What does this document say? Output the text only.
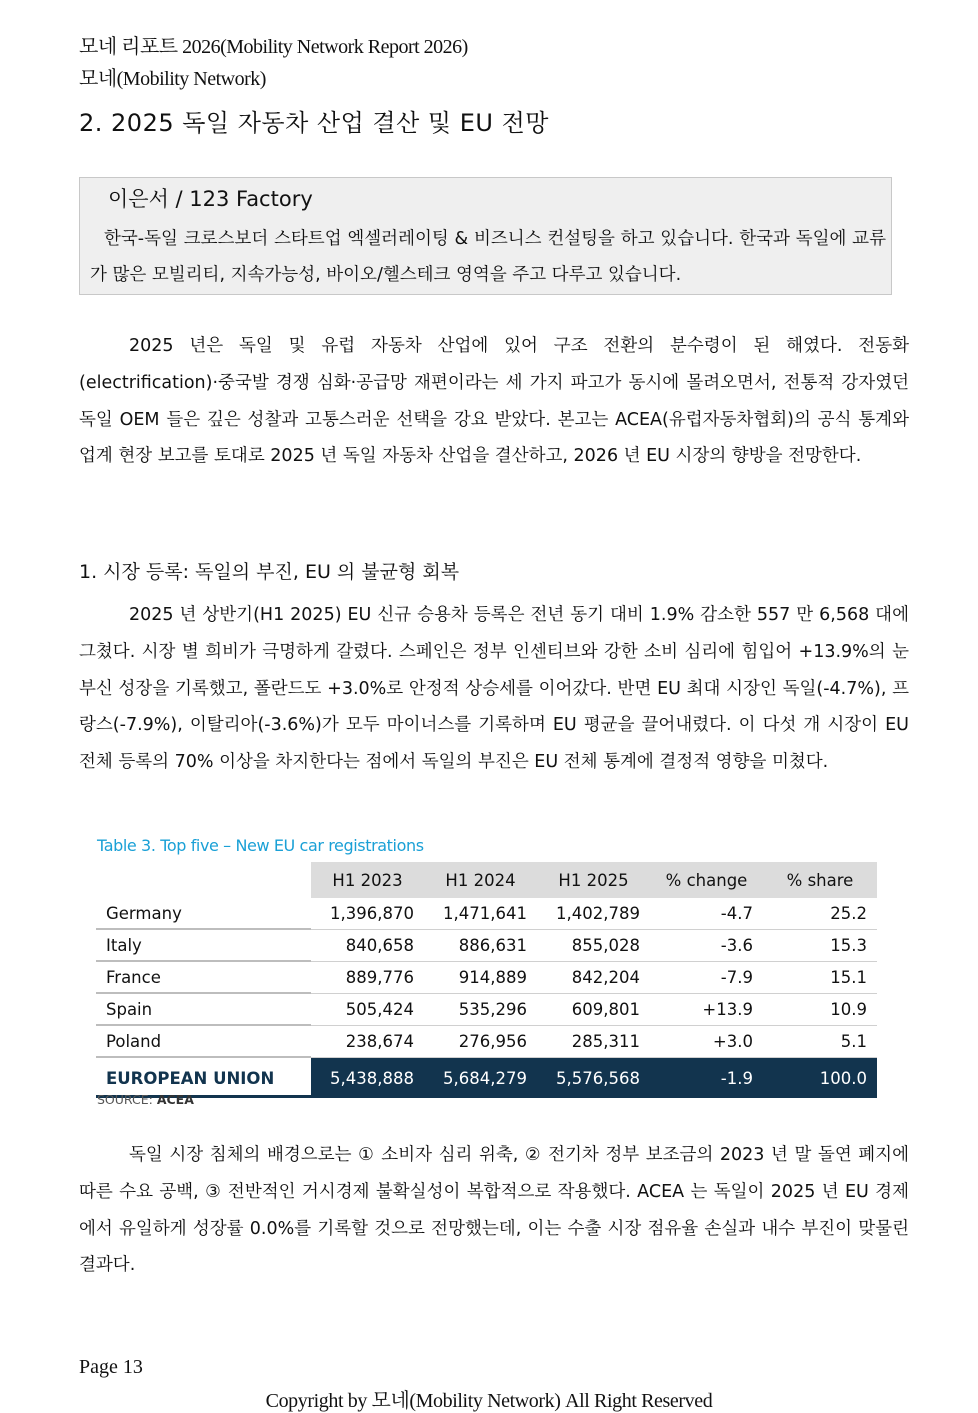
모네 리포트 2026(Mobility Network Report 2026)
모네(Mobility Network)
2. 2025 독일 자동차 산업 결산 및 EU 전망
이은서 / 123 Factory
한국-독일 크로스보더 스타트업 엑셀러레이팅 & 비즈니스 컨설팅을 하고 있습니다. 한국과 독일에 교류가 많은 모빌리티, 지속가능성, 바이오/헬스테크 영역을 주고 다루고 있습니다.
2025 년은 독일 및 유럽 자동차 산업에 있어 구조 전환의 분수령이 된 해였다. 전동화(electrification)·중국발 경쟁 심화·공급망 재편이라는 세 가지 파고가 동시에 몰려오면서, 전통적 강자였던 독일 OEM 들은 깊은 성찰과 고통스러운 선택을 강요 받았다. 본고는 ACEA(유럽자동차협회)의 공식 통계와 업계 현장 보고를 토대로 2025 년 독일 자동차 산업을 결산하고, 2026 년 EU 시장의 향방을 전망한다.
1. 시장 등록: 독일의 부진, EU 의 불균형 회복
2025 년 상반기(H1 2025) EU 신규 승용차 등록은 전년 동기 대비 1.9% 감소한 557 만 6,568 대에 그쳤다. 시장 별 희비가 극명하게 갈렸다. 스페인은 정부 인센티브와 강한 소비 심리에 힘입어 +13.9%의 눈부신 성장을 기록했고, 폴란드도 +3.0%로 안정적 상승세를 이어갔다. 반면 EU 최대 시장인 독일(-4.7%), 프랑스(-7.9%), 이탈리아(-3.6%)가 모두 마이너스를 기록하며 EU 평균을 끌어내렸다. 이 다섯 개 시장이 EU 전체 등록의 70% 이상을 차지한다는 점에서 독일의 부진은 EU 전체 통계에 결정적 영향을 미쳤다.
Table 3. Top five – New EU car registrations
	H1 2023	H1 2024	H1 2025	% change	% share
Germany	1,396,870	1,471,641	1,402,789	-4.7	25.2
Italy	840,658	886,631	855,028	-3.6	15.3
France	889,776	914,889	842,204	-7.9	15.1
Spain	505,424	535,296	609,801	+13.9	10.9
Poland	238,674	276,956	285,311	+3.0	5.1
EUROPEAN UNION	5,438,888	5,684,279	5,576,568	-1.9	100.0
SOURCE: ACEA
독일 시장 침체의 배경으로는 ① 소비자 심리 위축, ② 전기차 정부 보조금의 2023 년 말 돌연 폐지에 따른 수요 공백, ③ 전반적인 거시경제 불확실성이 복합적으로 작용했다. ACEA 는 독일이 2025 년 EU 경제에서 유일하게 성장률 0.0%를 기록할 것으로 전망했는데, 이는 수출 시장 점유율 손실과 내수 부진이 맞물린 결과다.
Page 13
Copyright by 모네(Mobility Network) All Right Reserved
